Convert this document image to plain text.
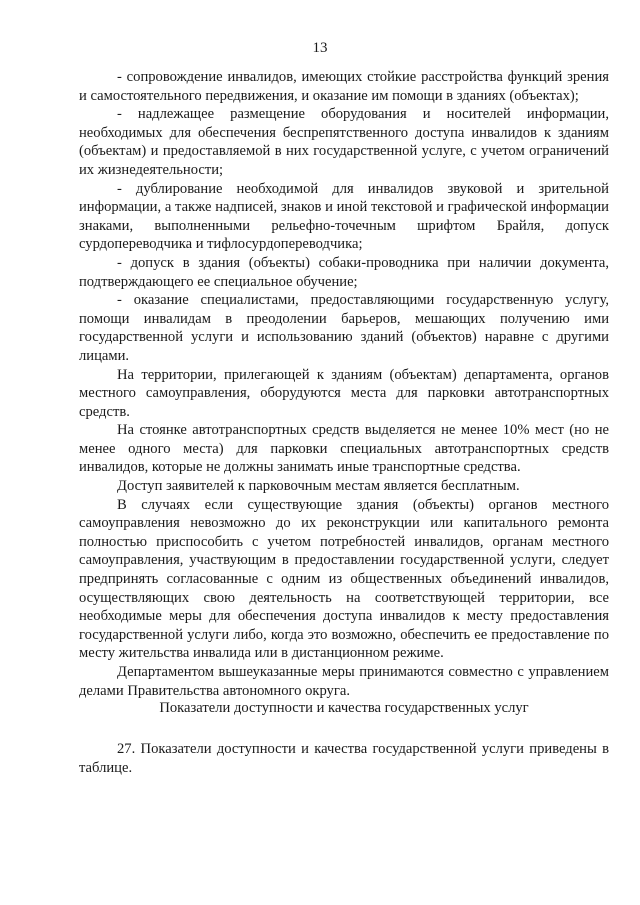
13

- сопровождение инвалидов, имеющих стойкие расстройства функций зрения и самостоятельного передвижения, и оказание им помощи в зданиях (объектах);

- надлежащее размещение оборудования и носителей информации, необходимых для обеспечения беспрепятственного доступа инвалидов к зданиям (объектам) и предоставляемой в них государственной услуге, с учетом ограничений их жизнедеятельности;

- дублирование необходимой для инвалидов звуковой и зрительной информации, а также надписей, знаков и иной текстовой и графической информации знаками, выполненными рельефно-точечным шрифтом Брайля, допуск сурдопереводчика и тифлосурдопереводчика;

- допуск в здания (объекты) собаки-проводника при наличии документа, подтверждающего ее специальное обучение;

- оказание специалистами, предоставляющими государственную услугу, помощи инвалидам в преодолении барьеров, мешающих получению ими государственной услуги и использованию зданий (объектов) наравне с другими лицами.

На территории, прилегающей к зданиям (объектам) департамента, органов местного самоуправления, оборудуются места для парковки автотранспортных средств.

На стоянке автотранспортных средств выделяется не менее 10% мест (но не менее одного места) для парковки специальных автотранспортных средств инвалидов, которые не должны занимать иные транспортные средства.

Доступ заявителей к парковочным местам является бесплатным.

В случаях если существующие здания (объекты) органов местного самоуправления невозможно до их реконструкции или капитального ремонта полностью приспособить с учетом потребностей инвалидов, органам местного самоуправления, участвующим в предоставлении государственной услуги, следует предпринять согласованные с одним из общественных объединений инвалидов, осуществляющих свою деятельность на соответствующей территории, все необходимые меры для обеспечения доступа инвалидов к месту предоставления государственной услуги либо, когда это возможно, обеспечить ее предоставление по месту жительства инвалида или в дистанционном режиме.

Департаментом вышеуказанные меры принимаются совместно с управлением делами Правительства автономного округа.

Показатели доступности и качества государственных услуг

27. Показатели доступности и качества государственной услуги приведены в таблице.
